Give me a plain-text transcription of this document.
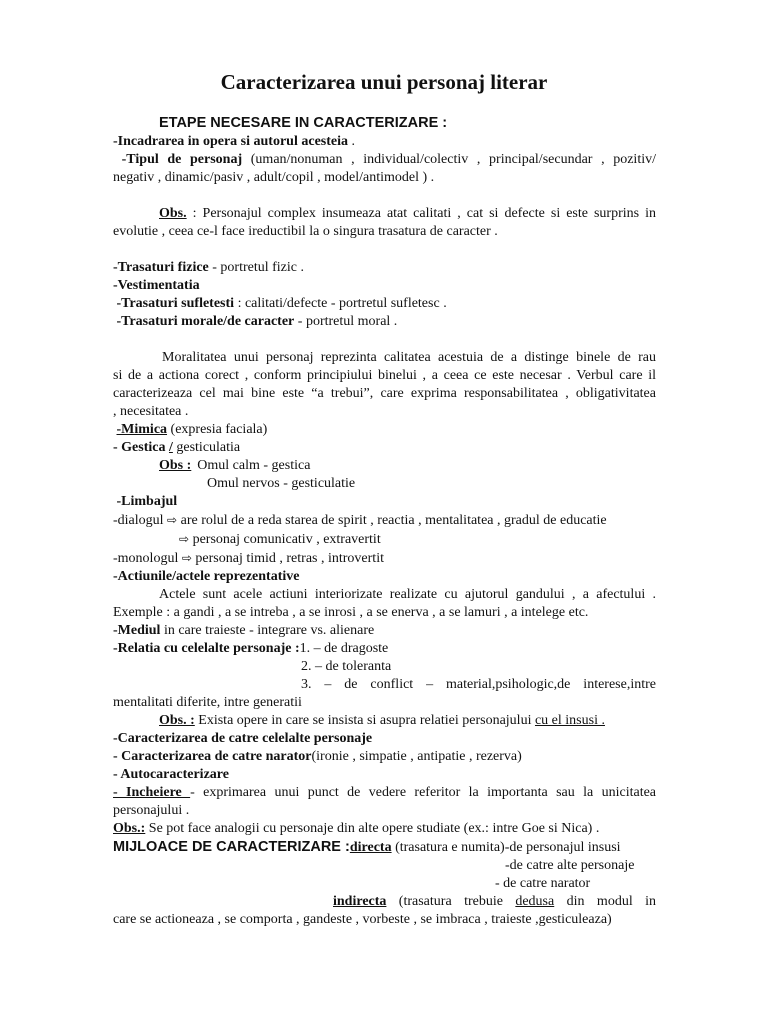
Caracterizarea unui personaj literar

ETAPE NECESARE IN CARACTERIZARE :

-Incadrarea in opera si autorul acesteia .

-Tipul de personaj (uman/nonuman , individual/colectiv , principal/secundar , pozitiv/

negativ , dinamic/pasiv , adult/copil , model/antimodel ) .

Obs. : Personajul complex insumeaza atat calitati , cat si defecte si este surprins in

evolutie , ceea ce-l face ireductibil la o singura trasatura de caracter .

-Trasaturi fizice - portretul fizic .

-Vestimentatia

-Trasaturi sufletesti : calitati/defecte - portretul sufletesc .

-Trasaturi morale/de caracter - portretul moral .

Moralitatea unui personaj reprezinta calitatea acestuia de a distinge binele de rau

si de a actiona corect , conform principiului binelui , a ceea ce este necesar . Verbul care il

caracterizeaza cel mai bine este “a trebui”, care exprima responsabilitatea , obligativitatea

, necesitatea .

-Mimica (expresia faciala)

- Gestica / gesticulatia

Obs : Omul calm - gestica

Omul nervos - gesticulatie

-Limbajul

-dialogul ⇨ are rolul de a reda starea de spirit , reactia , mentalitatea , gradul de educatie

⇨ personaj comunicativ , extravertit

-monologul ⇨ personaj timid , retras , introvertit

-Actiunile/actele reprezentative

Actele sunt acele actiuni interiorizate realizate cu ajutorul gandului , a afectului .

Exemple : a gandi , a se intreba , a se inrosi , a se enerva , a se lamuri , a intelege etc.

-Mediul in care traieste - integrare vs. alienare

-Relatia cu celelalte personaje :1. – de dragoste

2. – de toleranta

3. – de conflict – material,psihologic,de interese,intre

mentalitati diferite, intre generatii

Obs. : Exista opere in care se insista si asupra relatiei personajului cu el insusi .

-Caracterizarea de catre celelalte personaje

- Caracterizarea de catre narator(ironie , simpatie , antipatie , rezerva)

- Autocaracterizare

- Incheiere - exprimarea unui punct de vedere referitor la importanta sau la unicitatea

personajului .

Obs.: Se pot face analogii cu personaje din alte opere studiate (ex.: intre Goe si Nica) .

MIJLOACE DE CARACTERIZARE :directa (trasatura e numita)-de personajul insusi

-de catre alte personaje

- de catre narator

indirecta (trasatura trebuie dedusa din modul in

care se actioneaza , se comporta , gandeste , vorbeste , se imbraca , traieste ,gesticuleaza)
